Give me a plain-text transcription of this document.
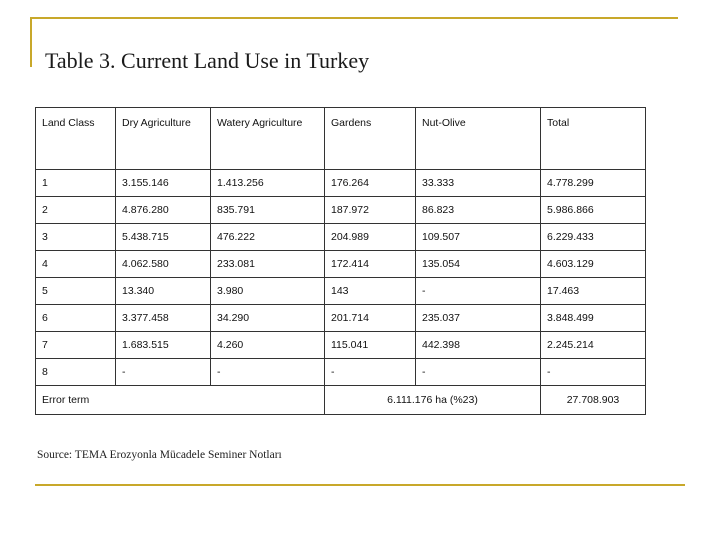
Table 3. Current Land Use in Turkey
Land Class	Dry Agriculture	Watery Agriculture	Gardens	Nut-Olive	Total
1	3.155.146	1.413.256	176.264	33.333	4.778.299
2	4.876.280	835.791	187.972	86.823	5.986.866
3	5.438.715	476.222	204.989	109.507	6.229.433
4	4.062.580	233.081	172.414	135.054	4.603.129
5	13.340	3.980	143	-	17.463
6	3.377.458	34.290	201.714	235.037	3.848.499
7	1.683.515	4.260	115.041	442.398	2.245.214
8	-	-	-	-	-
Error term			6.111.176 ha (%23)		27.708.903
Source: TEMA Erozyonla Mücadele Seminer Notları
